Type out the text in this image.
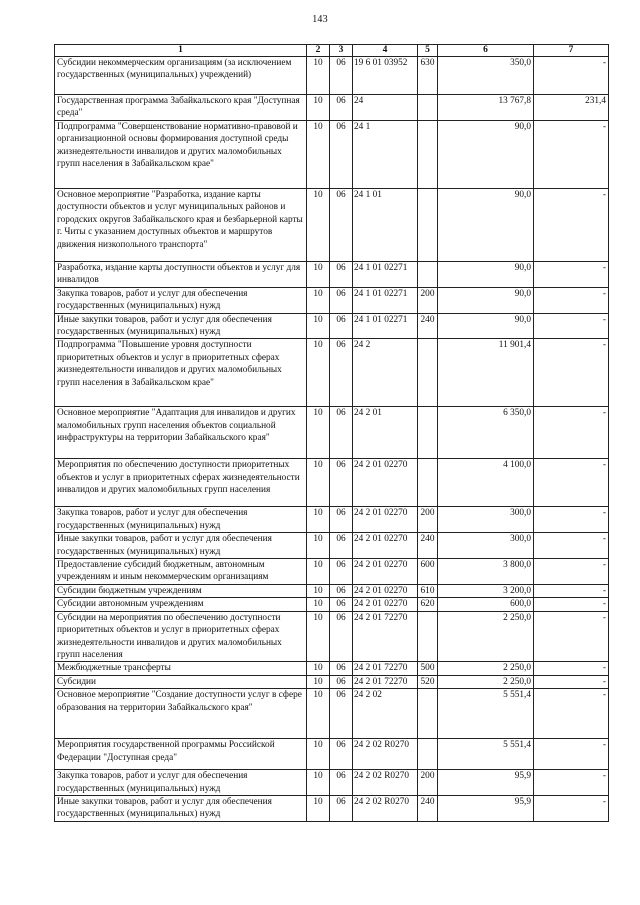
143
1	2	3	4	5	6	7
Субсидии некоммерческим организациям (за исключением государственных (муниципальных) учреждений)	10	06	19 6 01 03952	630	350,0	-
Государственная программа Забайкальского края "Доступная среда"	10	06	24		13 767,8	231,4
Подпрограмма "Совершенствование нормативно-правовой и организационной основы формирования доступной среды жизнедеятельности инвалидов и других маломобильных групп населения в Забайкальском крае"	10	06	24 1		90,0	-
Основное мероприятие "Разработка, издание карты доступности объектов и услуг муниципальных районов и городских округов Забайкальского края и безбарьерной карты г. Читы с указанием доступных объектов и маршрутов движения низкопольного транспорта"	10	06	24 1 01		90,0	-
Разработка, издание карты доступности объектов и услуг для инвалидов	10	06	24 1 01 02271		90,0	-
Закупка товаров, работ и услуг для обеспечения государственных (муниципальных) нужд	10	06	24 1 01 02271	200	90,0	-
Иные закупки товаров, работ и услуг для обеспечения государственных (муниципальных) нужд	10	06	24 1 01 02271	240	90,0	-
Подпрограмма "Повышение уровня доступности приоритетных объектов и услуг в приоритетных сферах жизнедеятельности инвалидов и других маломобильных групп населения в Забайкальском крае"	10	06	24 2		11 901,4	-
Основное мероприятие "Адаптация для инвалидов и других маломобильных групп населения объектов социальной инфраструктуры на территории Забайкальского края"	10	06	24 2 01		6 350,0	-
Мероприятия по обеспечению доступности приоритетных объектов и услуг в приоритетных сферах жизнедеятельности инвалидов и других маломобильных групп населения	10	06	24 2 01 02270		4 100,0	-
Закупка товаров, работ и услуг для обеспечения государственных (муниципальных) нужд	10	06	24 2 01 02270	200	300,0	-
Иные закупки товаров, работ и услуг для обеспечения государственных (муниципальных) нужд	10	06	24 2 01 02270	240	300,0	-
Предоставление субсидий бюджетным, автономным учреждениям и иным некоммерческим организациям	10	06	24 2 01 02270	600	3 800,0	-
Субсидии бюджетным учреждениям	10	06	24 2 01 02270	610	3 200,0	-
Субсидии автономным учреждениям	10	06	24 2 01 02270	620	600,0	-
Субсидии на мероприятия по обеспечению доступности приоритетных объектов и услуг в приоритетных сферах жизнедеятельности инвалидов и других маломобильных групп населения	10	06	24 2 01 72270		2 250,0	-
Межбюджетные трансферты	10	06	24 2 01 72270	500	2 250,0	-
Субсидии	10	06	24 2 01 72270	520	2 250,0	-
Основное мероприятие "Создание доступности услуг в сфере образования на территории Забайкальского края"	10	06	24 2 02		5 551,4	-
Мероприятия государственной программы Российской Федерации "Доступная среда"	10	06	24 2 02 R0270		5 551,4	-
Закупка товаров, работ и услуг для обеспечения государственных (муниципальных) нужд	10	06	24 2 02 R0270	200	95,9	-
Иные закупки товаров, работ и услуг для обеспечения государственных (муниципальных) нужд	10	06	24 2 02 R0270	240	95,9	-
